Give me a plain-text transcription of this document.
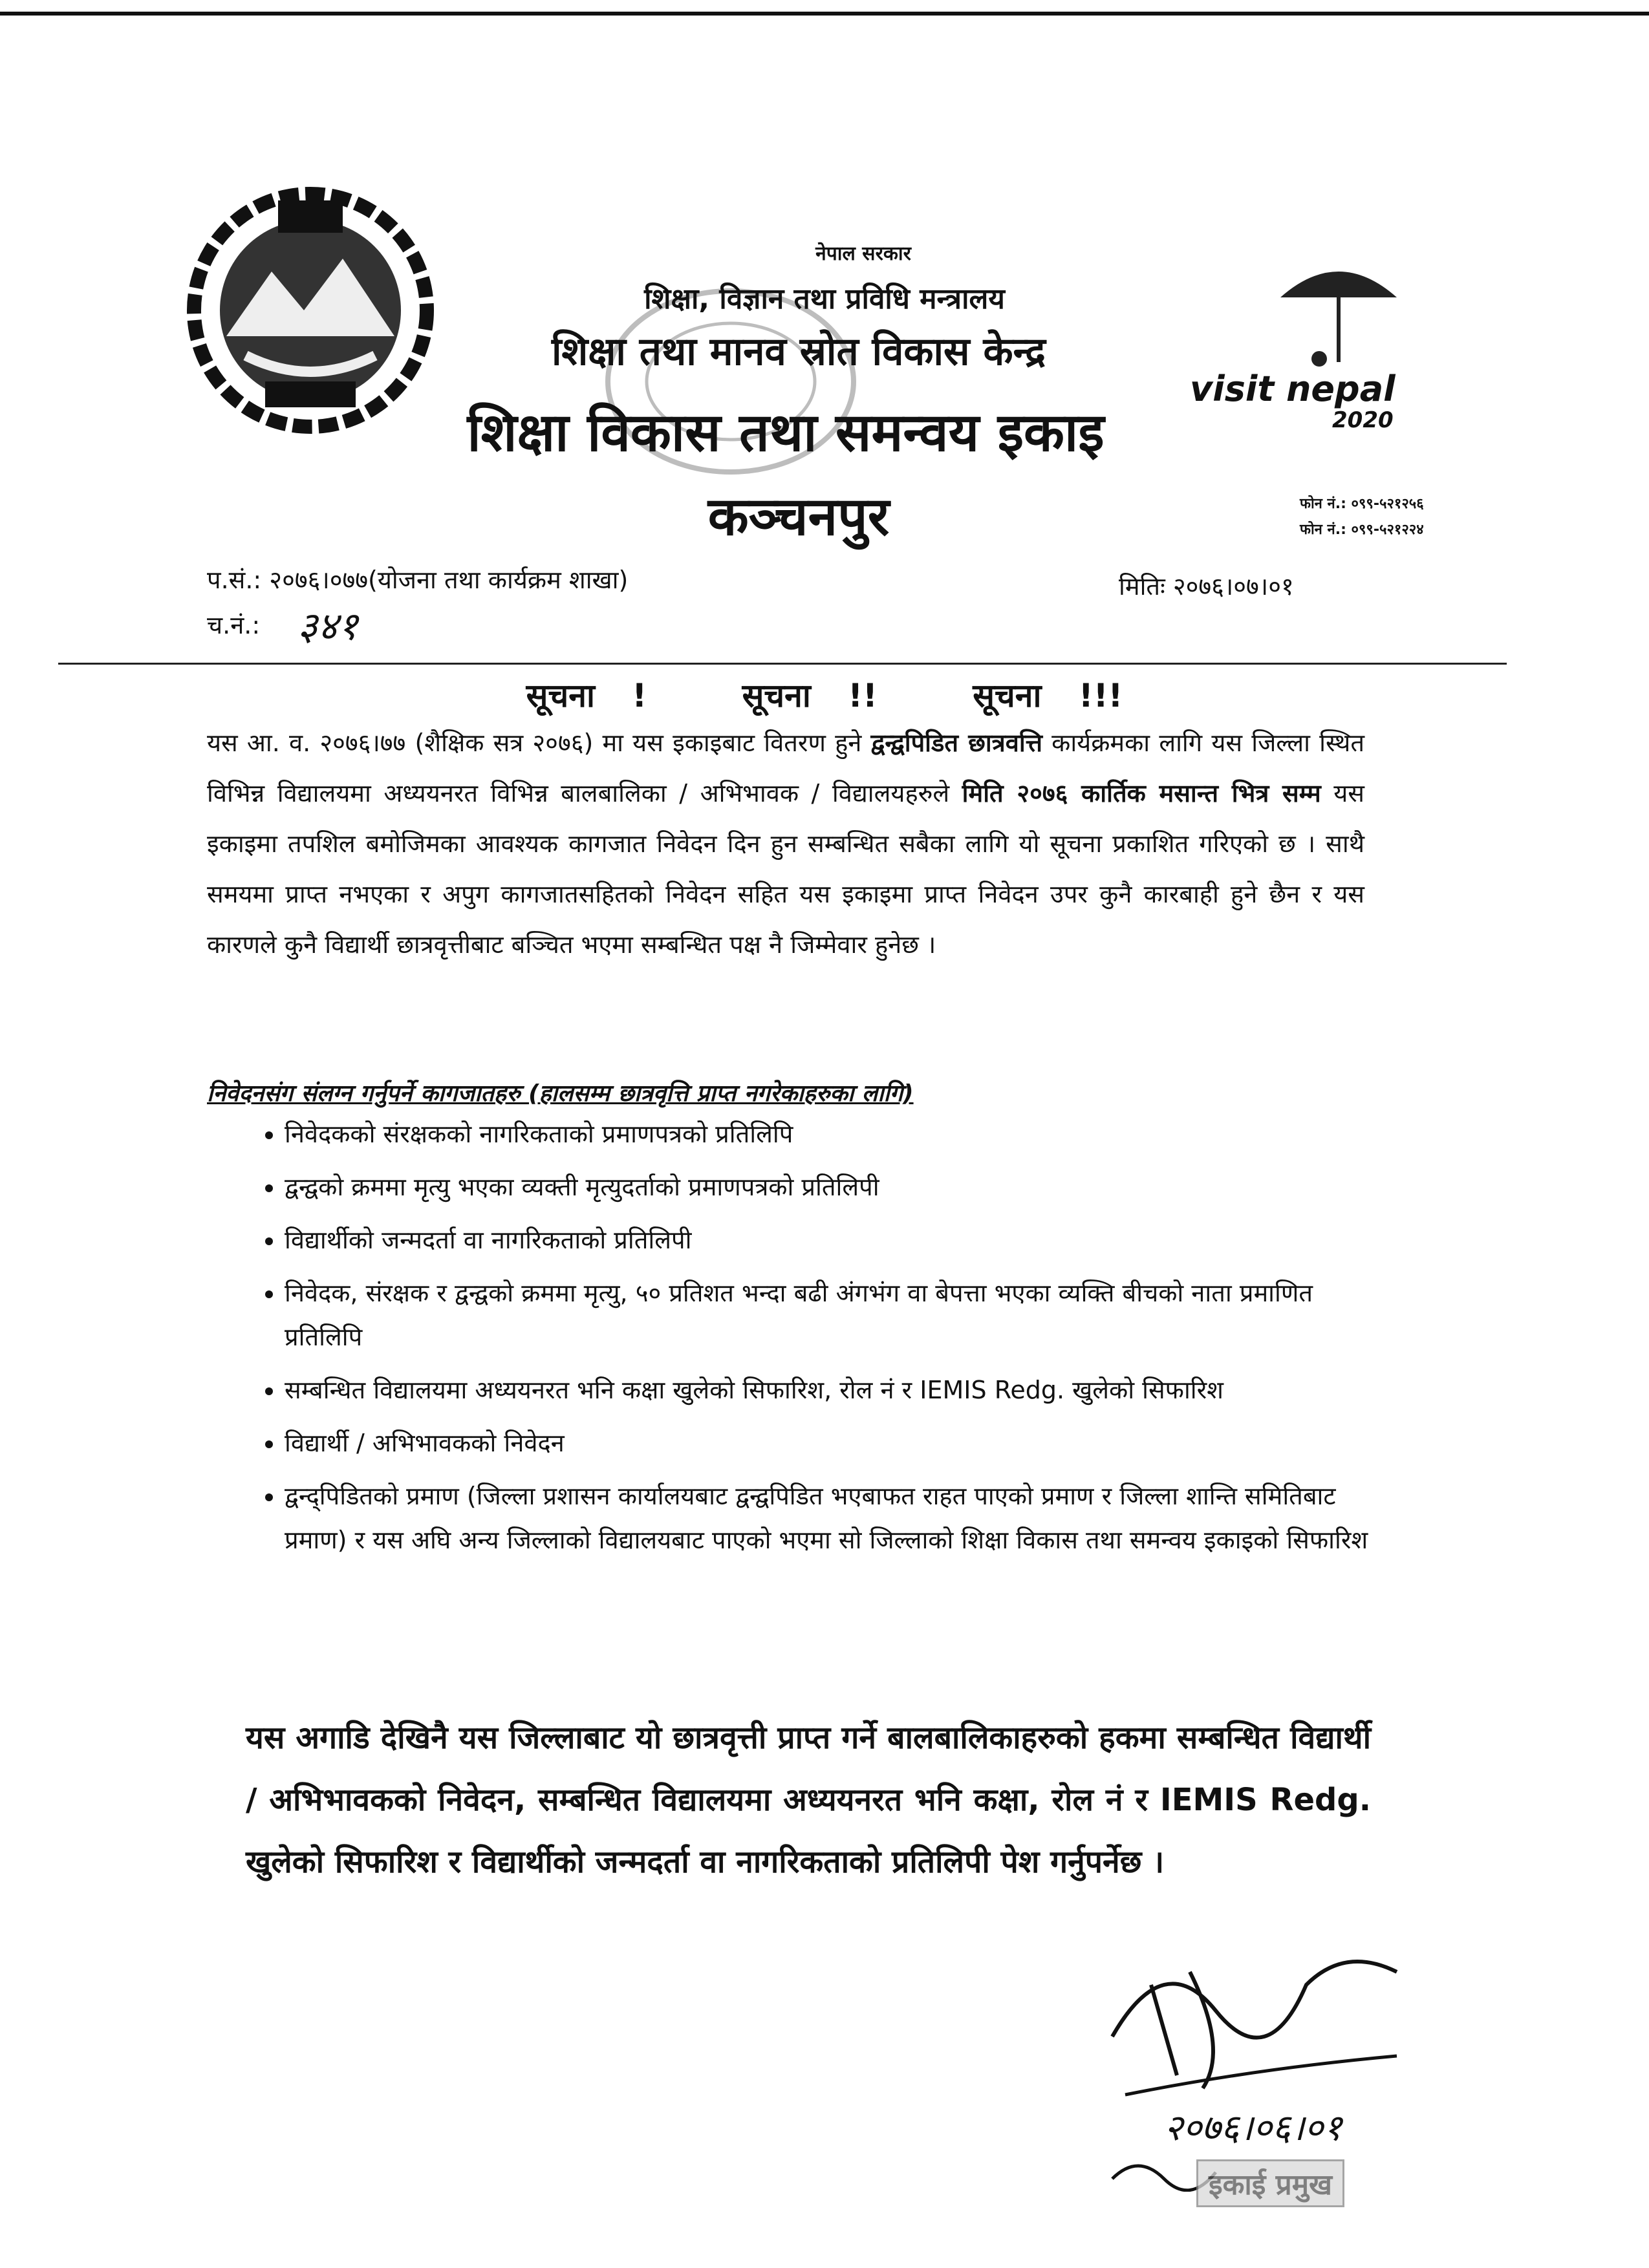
visit nepal
2020
नेपाल सरकार
शिक्षा, विज्ञान तथा प्रविधि मन्त्रालय
शिक्षा तथा मानव स्रोत विकास केन्द्र
शिक्षा विकास तथा समन्वय इकाइ
कञ्चनपुर	फोन नं.: ०९९-५२१२५६
फोन नं.: ०९९-५२१२२४
प.सं.: २०७६।०७७(योजना तथा कार्यक्रम शाखा)	मितिः २०७६।०७।०१
च.नं.: ३४१
सूचना !	सूचना !!	सूचना !!!
यस आ. व. २०७६।७७ (शैक्षिक सत्र २०७६) मा यस इकाइबाट वितरण हुने द्वन्द्वपिडित छात्रवत्ति कार्यक्रमका लागि यस जिल्ला स्थित विभिन्न विद्यालयमा अध्ययनरत विभिन्न बालबालिका / अभिभावक / विद्यालयहरुले मिति २०७६ कार्तिक मसान्त भित्र सम्म यस इकाइमा तपशिल बमोजिमका आवश्यक कागजात निवेदन दिन हुन सम्बन्धित सबैका लागि यो सूचना प्रकाशित गरिएको छ । साथै समयमा प्राप्त नभएका र अपुग कागजातसहितको निवेदन सहित यस इकाइमा प्राप्त निवेदन उपर कुनै कारबाही हुने छैन र यस कारणले कुनै विद्यार्थी छात्रवृत्तीबाट बञ्चित भएमा सम्बन्धित पक्ष नै जिम्मेवार हुनेछ ।
निवेदनसंग संलग्न गर्नुपर्ने कागजातहरु (हालसम्म छात्रवृत्ति प्राप्त नगरेकाहरुका लागि)
• निवेदकको संरक्षकको नागरिकताको प्रमाणपत्रको प्रतिलिपि
• द्वन्द्वको क्रममा मृत्यु भएका व्यक्ती मृत्युदर्ताको प्रमाणपत्रको प्रतिलिपी
• विद्यार्थीको जन्मदर्ता वा नागरिकताको प्रतिलिपी
• निवेदक, संरक्षक र द्वन्द्वको क्रममा मृत्यु, ५० प्रतिशत भन्दा बढी अंगभंग वा बेपत्ता भएका व्यक्ति बीचको नाता प्रमाणित प्रतिलिपि
• सम्बन्धित विद्यालयमा अध्ययनरत भनि कक्षा खुलेको सिफारिश, रोल नं र IEMIS Redg. खुलेको सिफारिश
• विद्यार्थी / अभिभावकको निवेदन
• द्वन्द्पिडितको प्रमाण (जिल्ला प्रशासन कार्यालयबाट द्वन्द्वपिडित भएबाफत राहत पाएको प्रमाण र जिल्ला शान्ति समितिबाट प्रमाण) र यस अघि अन्य जिल्लाको विद्यालयबाट पाएको भएमा सो जिल्लाको शिक्षा विकास तथा समन्वय इकाइको सिफारिश
यस अगाडि देखिनै यस जिल्लाबाट यो छात्रवृत्ती प्राप्त गर्ने बालबालिकाहरुको हकमा सम्बन्धित विद्यार्थी / अभिभावकको निवेदन, सम्बन्धित विद्यालयमा अध्ययनरत भनि कक्षा, रोल नं र IEMIS Redg. खुलेको सिफारिश र विद्यार्थीको जन्मदर्ता वा नागरिकताको प्रतिलिपी पेश गर्नुपर्नेछ ।
२०७६।०६।०१
इकाई प्रमुख
